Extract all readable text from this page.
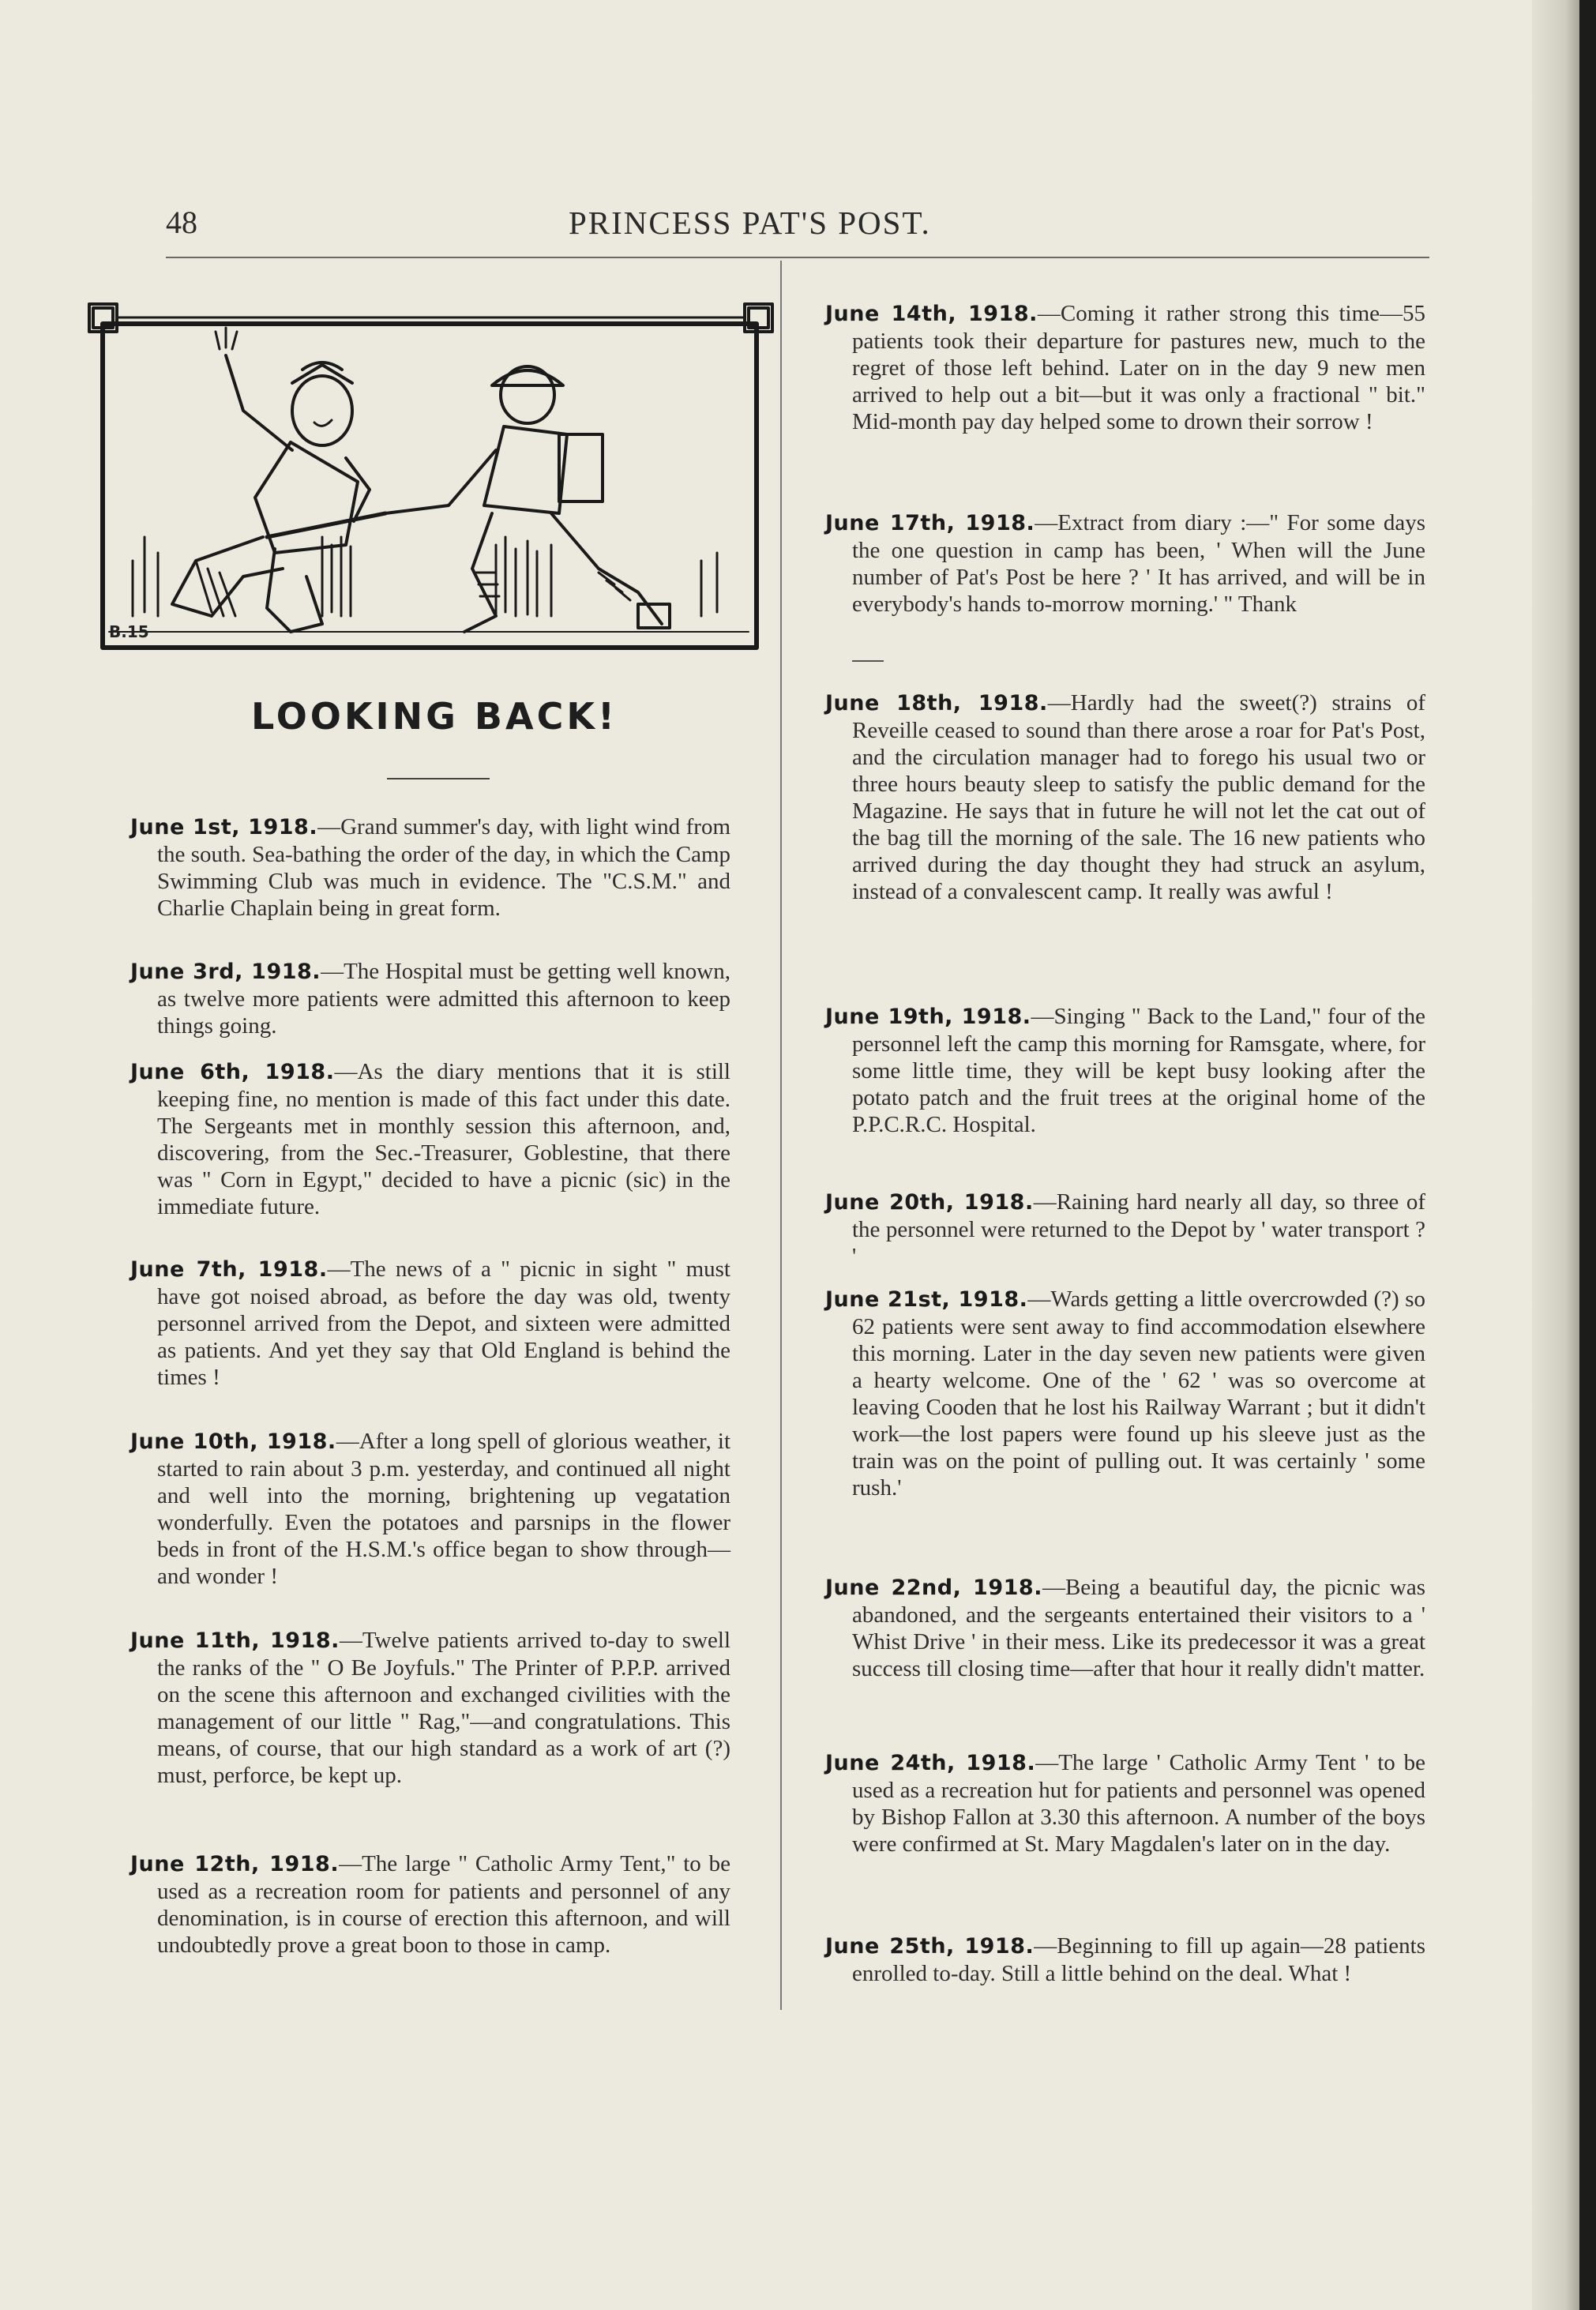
48	PRINCESS PAT'S POST.
B.15
LOOKING BACK!
June 1st, 1918.—Grand summer's day, with light wind from the south. Sea-bathing the order of the day, in which the Camp Swimming Club was much in evidence. The "C.S.M." and Charlie Chaplain being in great form.
June 3rd, 1918.—The Hospital must be getting well known, as twelve more patients were admitted this afternoon to keep things going.
June 6th, 1918.—As the diary mentions that it is still keeping fine, no mention is made of this fact under this date. The Sergeants met in monthly session this afternoon, and, discovering, from the Sec.-Treasurer, Goblestine, that there was " Corn in Egypt," decided to have a picnic (sic) in the immediate future.
June 7th, 1918.—The news of a " picnic in sight " must have got noised abroad, as before the day was old, twenty personnel arrived from the Depot, and sixteen were admitted as patients. And yet they say that Old England is behind the times !
June 10th, 1918.—After a long spell of glorious weather, it started to rain about 3 p.m. yesterday, and continued all night and well into the morning, brightening up vegatation wonderfully. Even the potatoes and parsnips in the flower beds in front of the H.S.M.'s office began to show through—and wonder !
June 11th, 1918.—Twelve patients arrived to-day to swell the ranks of the " O Be Joyfuls." The Printer of P.P.P. arrived on the scene this afternoon and exchanged civilities with the management of our little " Rag,"—and congratulations. This means, of course, that our high standard as a work of art (?) must, perforce, be kept up.
June 12th, 1918.—The large " Catholic Army Tent," to be used as a recreation room for patients and personnel of any denomination, is in course of erection this afternoon, and will undoubtedly prove a great boon to those in camp.
June 14th, 1918.—Coming it rather strong this time—55 patients took their departure for pastures new, much to the regret of those left behind. Later on in the day 9 new men arrived to help out a bit—but it was only a fractional " bit." Mid-month pay day helped some to drown their sorrow !
June 17th, 1918.—Extract from diary :—" For some days the one question in camp has been, ' When will the June number of Pat's Post be here ? ' It has arrived, and will be in everybody's hands to-morrow morning.' " Thank
June 18th, 1918.—Hardly had the sweet(?) strains of Reveille ceased to sound than there arose a roar for Pat's Post, and the circulation manager had to forego his usual two or three hours beauty sleep to satisfy the public demand for the Magazine. He says that in future he will not let the cat out of the bag till the morning of the sale. The 16 new patients who arrived during the day thought they had struck an asylum, instead of a convalescent camp. It really was awful !
June 19th, 1918.—Singing " Back to the Land," four of the personnel left the camp this morning for Ramsgate, where, for some little time, they will be kept busy looking after the potato patch and the fruit trees at the original home of the P.P.C.R.C. Hospital.
June 20th, 1918.—Raining hard nearly all day, so three of the personnel were returned to the Depot by ' water transport ? '
June 21st, 1918.—Wards getting a little overcrowded (?) so 62 patients were sent away to find accommodation elsewhere this morning. Later in the day seven new patients were given a hearty welcome. One of the ' 62 ' was so overcome at leaving Cooden that he lost his Railway Warrant ; but it didn't work—the lost papers were found up his sleeve just as the train was on the point of pulling out. It was certainly ' some rush.'
June 22nd, 1918.—Being a beautiful day, the picnic was abandoned, and the sergeants entertained their visitors to a ' Whist Drive ' in their mess. Like its predecessor it was a great success till closing time—after that hour it really didn't matter.
June 24th, 1918.—The large ' Catholic Army Tent ' to be used as a recreation hut for patients and personnel was opened by Bishop Fallon at 3.30 this afternoon. A number of the boys were confirmed at St. Mary Magdalen's later on in the day.
June 25th, 1918.—Beginning to fill up again—28 patients enrolled to-day. Still a little behind on the deal. What !
